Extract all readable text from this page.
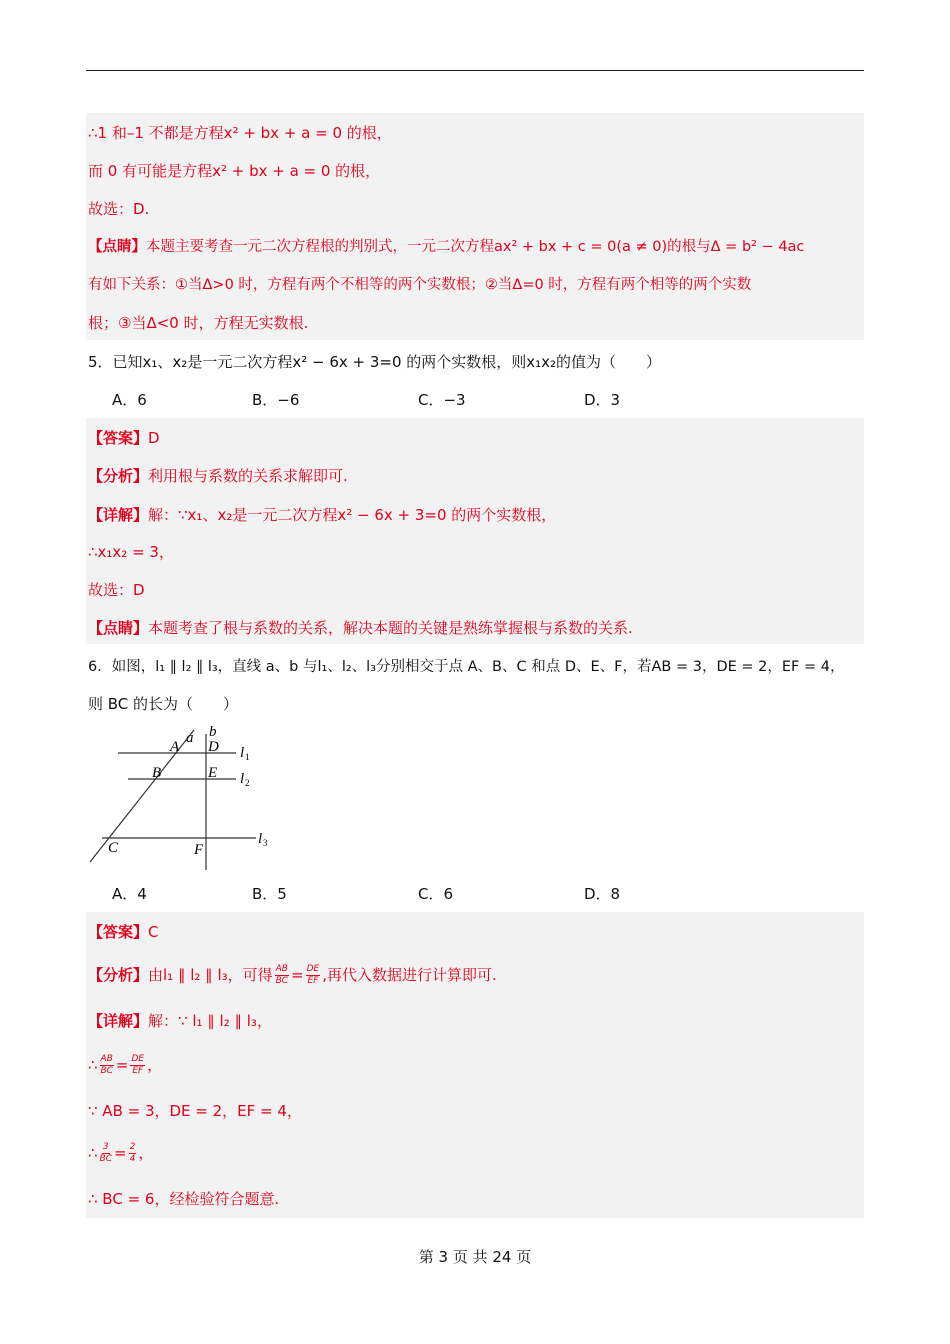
∴1 和–1 不都是方程x² + bx + a = 0 的根，
而 0 有可能是方程x² + bx + a = 0 的根，
故选：D.
【点睛】本题主要考查一元二次方程根的判别式，一元二次方程ax² + bx + c = 0(a ≠ 0)的根与Δ = b² − 4ac
有如下关系：①当Δ>0 时，方程有两个不相等的两个实数根；②当Δ=0 时，方程有两个相等的两个实数
根；③当Δ<0 时，方程无实数根.
5．已知x₁、x₂是一元二次方程x² − 6x + 3=0 的两个实数根，则x₁x₂的值为（　　）
A．6	B．−6	C．−3	D．3
【答案】D
【分析】利用根与系数的关系求解即可.
【详解】解：∵x₁、x₂是一元二次方程x² − 6x + 3=0 的两个实数根，
∴x₁x₂ = 3，
故选：D
【点睛】本题考查了根与系数的关系，解决本题的关键是熟练掌握根与系数的关系.
6．如图，l₁ ∥ l₂ ∥ l₃，直线 a、b 与l₁、l₂、l₃分别相交于点 A、B、C 和点 D、E、F，若AB = 3，DE = 2，EF = 4，
则 BC 的长为（　　）
a b
A D
B	E
C	F
l 1
l 2
l 3
A．4	B．5	C．6	D．8
【答案】C
【分析】 由l₁ ∥ l₂ ∥ l₃，可得 $\frac{AB}{BC} = \frac{DE}{EF}$ ,再代入数据进行计算即可.
【详解】解：∵ l₁ ∥ l₂ ∥ l₃，
∴ $\frac{AB}{BC} = \frac{DE}{EF}$ ，
∵ AB = 3，DE = 2，EF = 4，
∴ $\frac{3}{BC} = \frac{2}{4}$ ，
∴ BC = 6，经检验符合题意.
第 3 页 共 24 页
